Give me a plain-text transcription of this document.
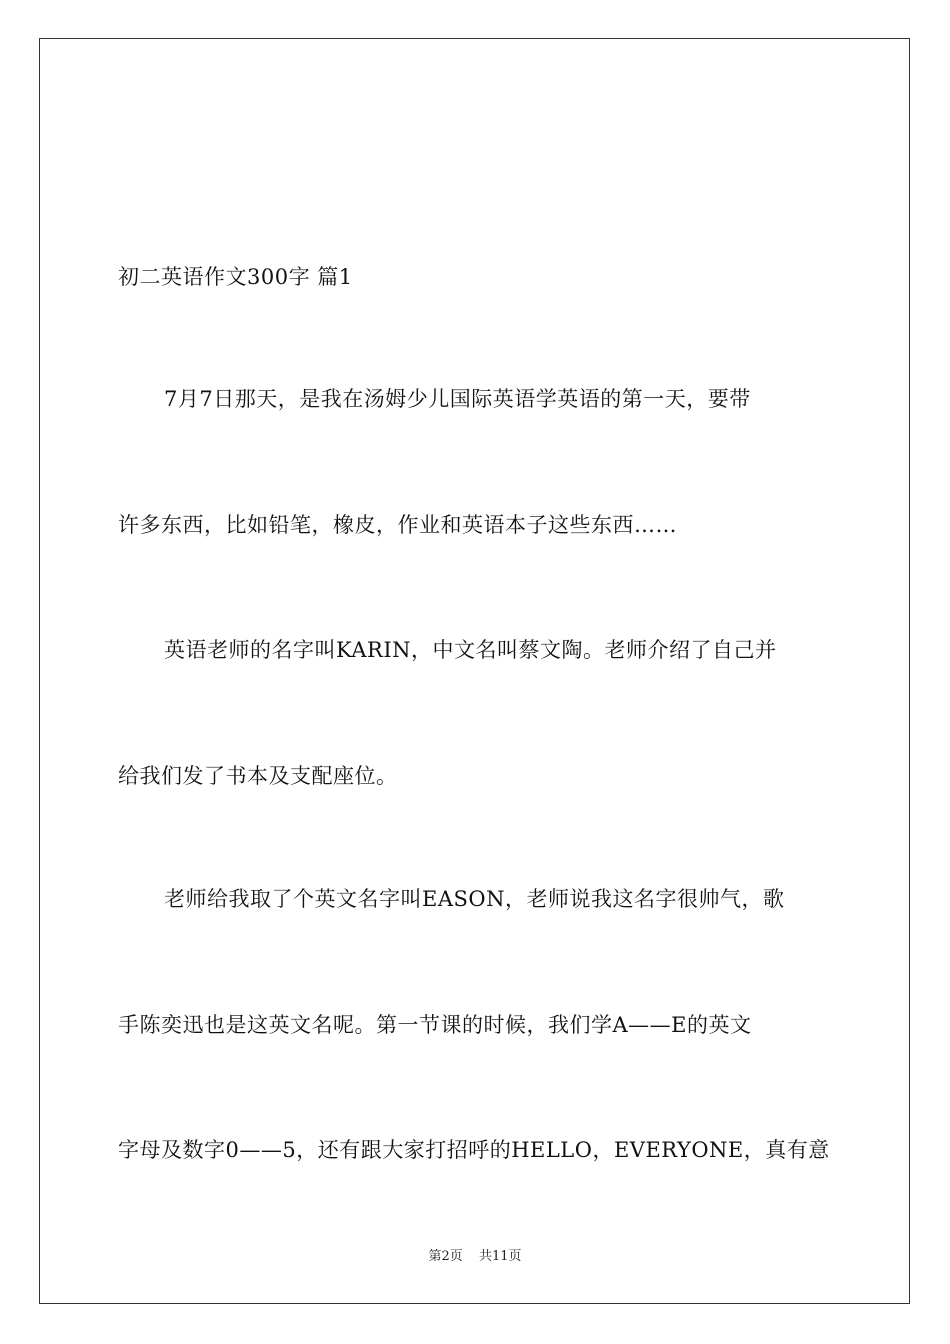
初二英语作文300字 篇1
7月7日那天，是我在汤姆少儿国际英语学英语的第一天，要带
许多东西，比如铅笔，橡皮，作业和英语本子这些东西……
英语老师的名字叫KARIN，中文名叫蔡文陶。老师介绍了自己并
给我们发了书本及支配座位。
老师给我取了个英文名字叫EASON，老师说我这名字很帅气，歌
手陈奕迅也是这英文名呢。第一节课的时候，我们学A——E的英文
字母及数字0——5，还有跟大家打招呼的HELLO，EVERYONE，真有意
第2页 共11页
